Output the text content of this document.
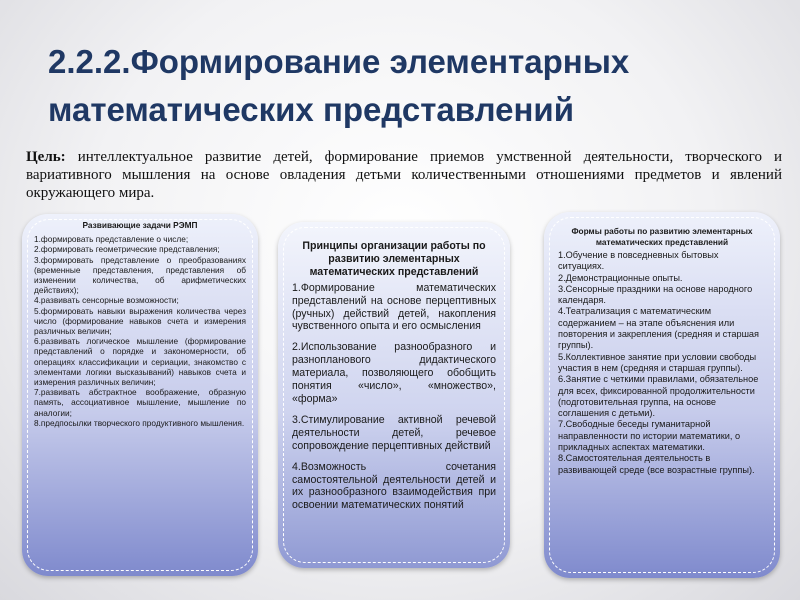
2.2.2.Формирование элементарных математических представлений
Цель: интеллектуальное развитие детей, формирование приемов умственной деятельности, творческого и вариативного мышления на основе овладения детьми количественными отношениями предметов и явлений окружающего мира.
Развивающие задачи РЭМП

1.формировать представление о числе;

2.формировать геометрические представления;

3.формировать представление о преобразованиях (временные представления, представления об изменении количества, об арифметических действиях);

4.развивать сенсорные возможности;

5.формировать навыки выражения количества через число (формирование навыков счета и измерения различных величин;

6.развивать логическое мышление (формирование представлений о порядке и закономерности, об операциях классификации и сериации, знакомство с элементами логики высказываний) навыков счета и измерения различных величин;

7.развивать абстрактное воображение, образную память, ассоциативное мышление, мышление по аналогии;

8.предпосылки творческого продуктивного мышления.

Принципы организации работы по развитию элементарных математических представлений

1.Формирование математических представлений на основе перцептивных (ручных) действий детей, накопления чувственного опыта и его осмысления

2.Использование разнообразного и разнопланового дидактического материала, позволяющего обобщить понятия «число», «множество», «форма»

3.Стимулирование активной речевой деятельности детей, речевое сопровождение перцептивных действий

4.Возможность сочетания самостоятельной деятельности детей и их разнообразного взаимодействия при освоении математических понятий

Формы работы по развитию элементарных математических представлений

1.Обучение в повседневных бытовых ситуациях.

2.Демонстрационные опыты.

3.Сенсорные праздники на основе народного календаря.

4.Театрализация с математическим содержанием – на этапе объяснения или повторения и закрепления (средняя и старшая группы).

5.Коллективное занятие при условии свободы участия в нем (средняя и старшая группы).

6.Занятие с четкими правилами, обязательное для всех, фиксированной продолжительности (подготовительная группа, на основе соглашения с детьми).

7.Свободные беседы гуманитарной направленности по истории математики, о прикладных аспектах математики.

8.Самостоятельная деятельность в развивающей среде (все возрастные группы).
